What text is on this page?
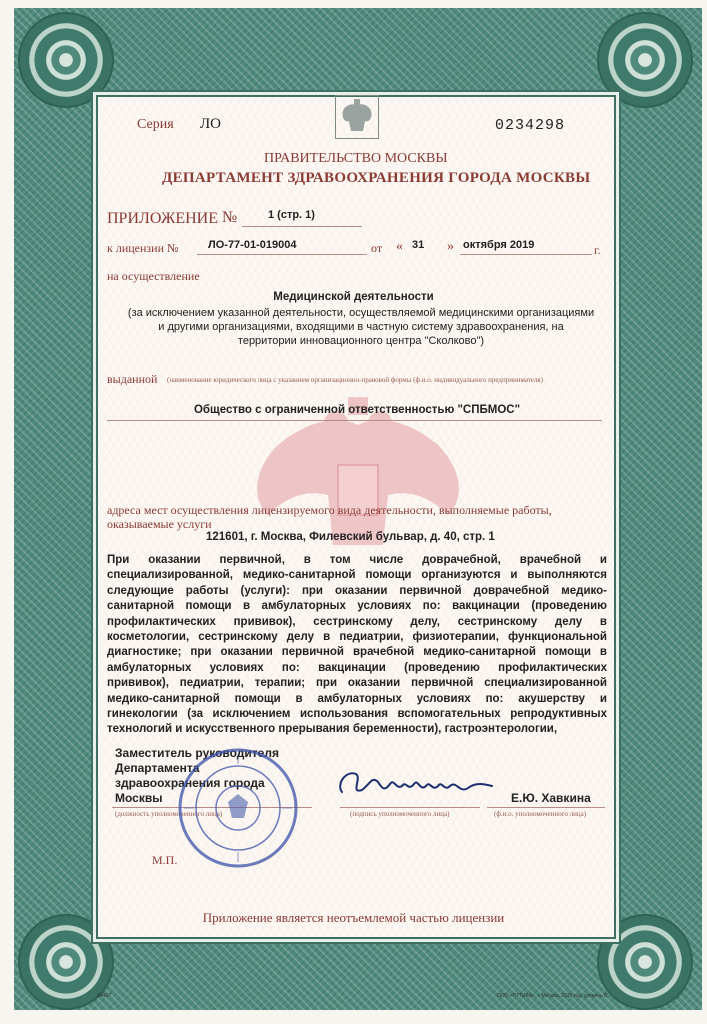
Серия ЛО	0234298
ПРАВИТЕЛЬСТВО МОСКВЫ
ДЕПАРТАМЕНТ ЗДРАВООХРАНЕНИЯ ГОРОДА МОСКВЫ
ПРИЛОЖЕНИЕ №	1 (стр. 1)
к лицензии №	ЛО-77-01-019004	от « 31 » октября 2019	г.
на осуществление
Медицинской деятельности
(за исключением указанной деятельности, осуществляемой медицинскими организациями
и другими организациями, входящими в частную систему здравоохранения, на
территории инновационного центра "Сколково")
выданной (наименование юридического лица с указанием организационно-правовой формы (ф.и.о. индивидуального предпринимателя)
Общество с ограниченной ответственностью "СПБМОС"
адреса мест осуществления лицензируемого вида деятельности, выполняемые работы,
оказываемые услуги
121601, г. Москва, Филевский бульвар, д. 40, стр. 1
При оказании первичной, в том числе доврачебной, врачебной и
специализированной, медико-санитарной помощи организуются и выполняются
следующие работы (услуги): при оказании первичной доврачебной медико-
санитарной помощи в амбулаторных условиях по: вакцинации (проведению
профилактических прививок), сестринскому делу, сестринскому делу в
косметологии, сестринскому делу в педиатрии, физиотерапии, функциональной
диагностике; при оказании первичной врачебной медико-санитарной помощи в
амбулаторных условиях по: вакцинации (проведению профилактических
прививок), педиатрии, терапии; при оказании первичной специализированной
медико-санитарной помощи в амбулаторных условиях по: акушерству и
гинекологии (за исключением использования вспомогательных репродуктивных
технологий и искусственного прерывания беременности), гастроэнтерологии,
Заместитель руководителя
Департамента
здравоохранения города
Москвы
(должность уполномоченного лица)	(подпись уполномоченного лица)
Е.Ю. Хавкина
(ф.и.о. уполномоченного лица)
М.П.
Приложение является неотъемлемой частью лицензии
А4427	ООО «РТТИКА», г. Москва, 2016 год, уровень В
